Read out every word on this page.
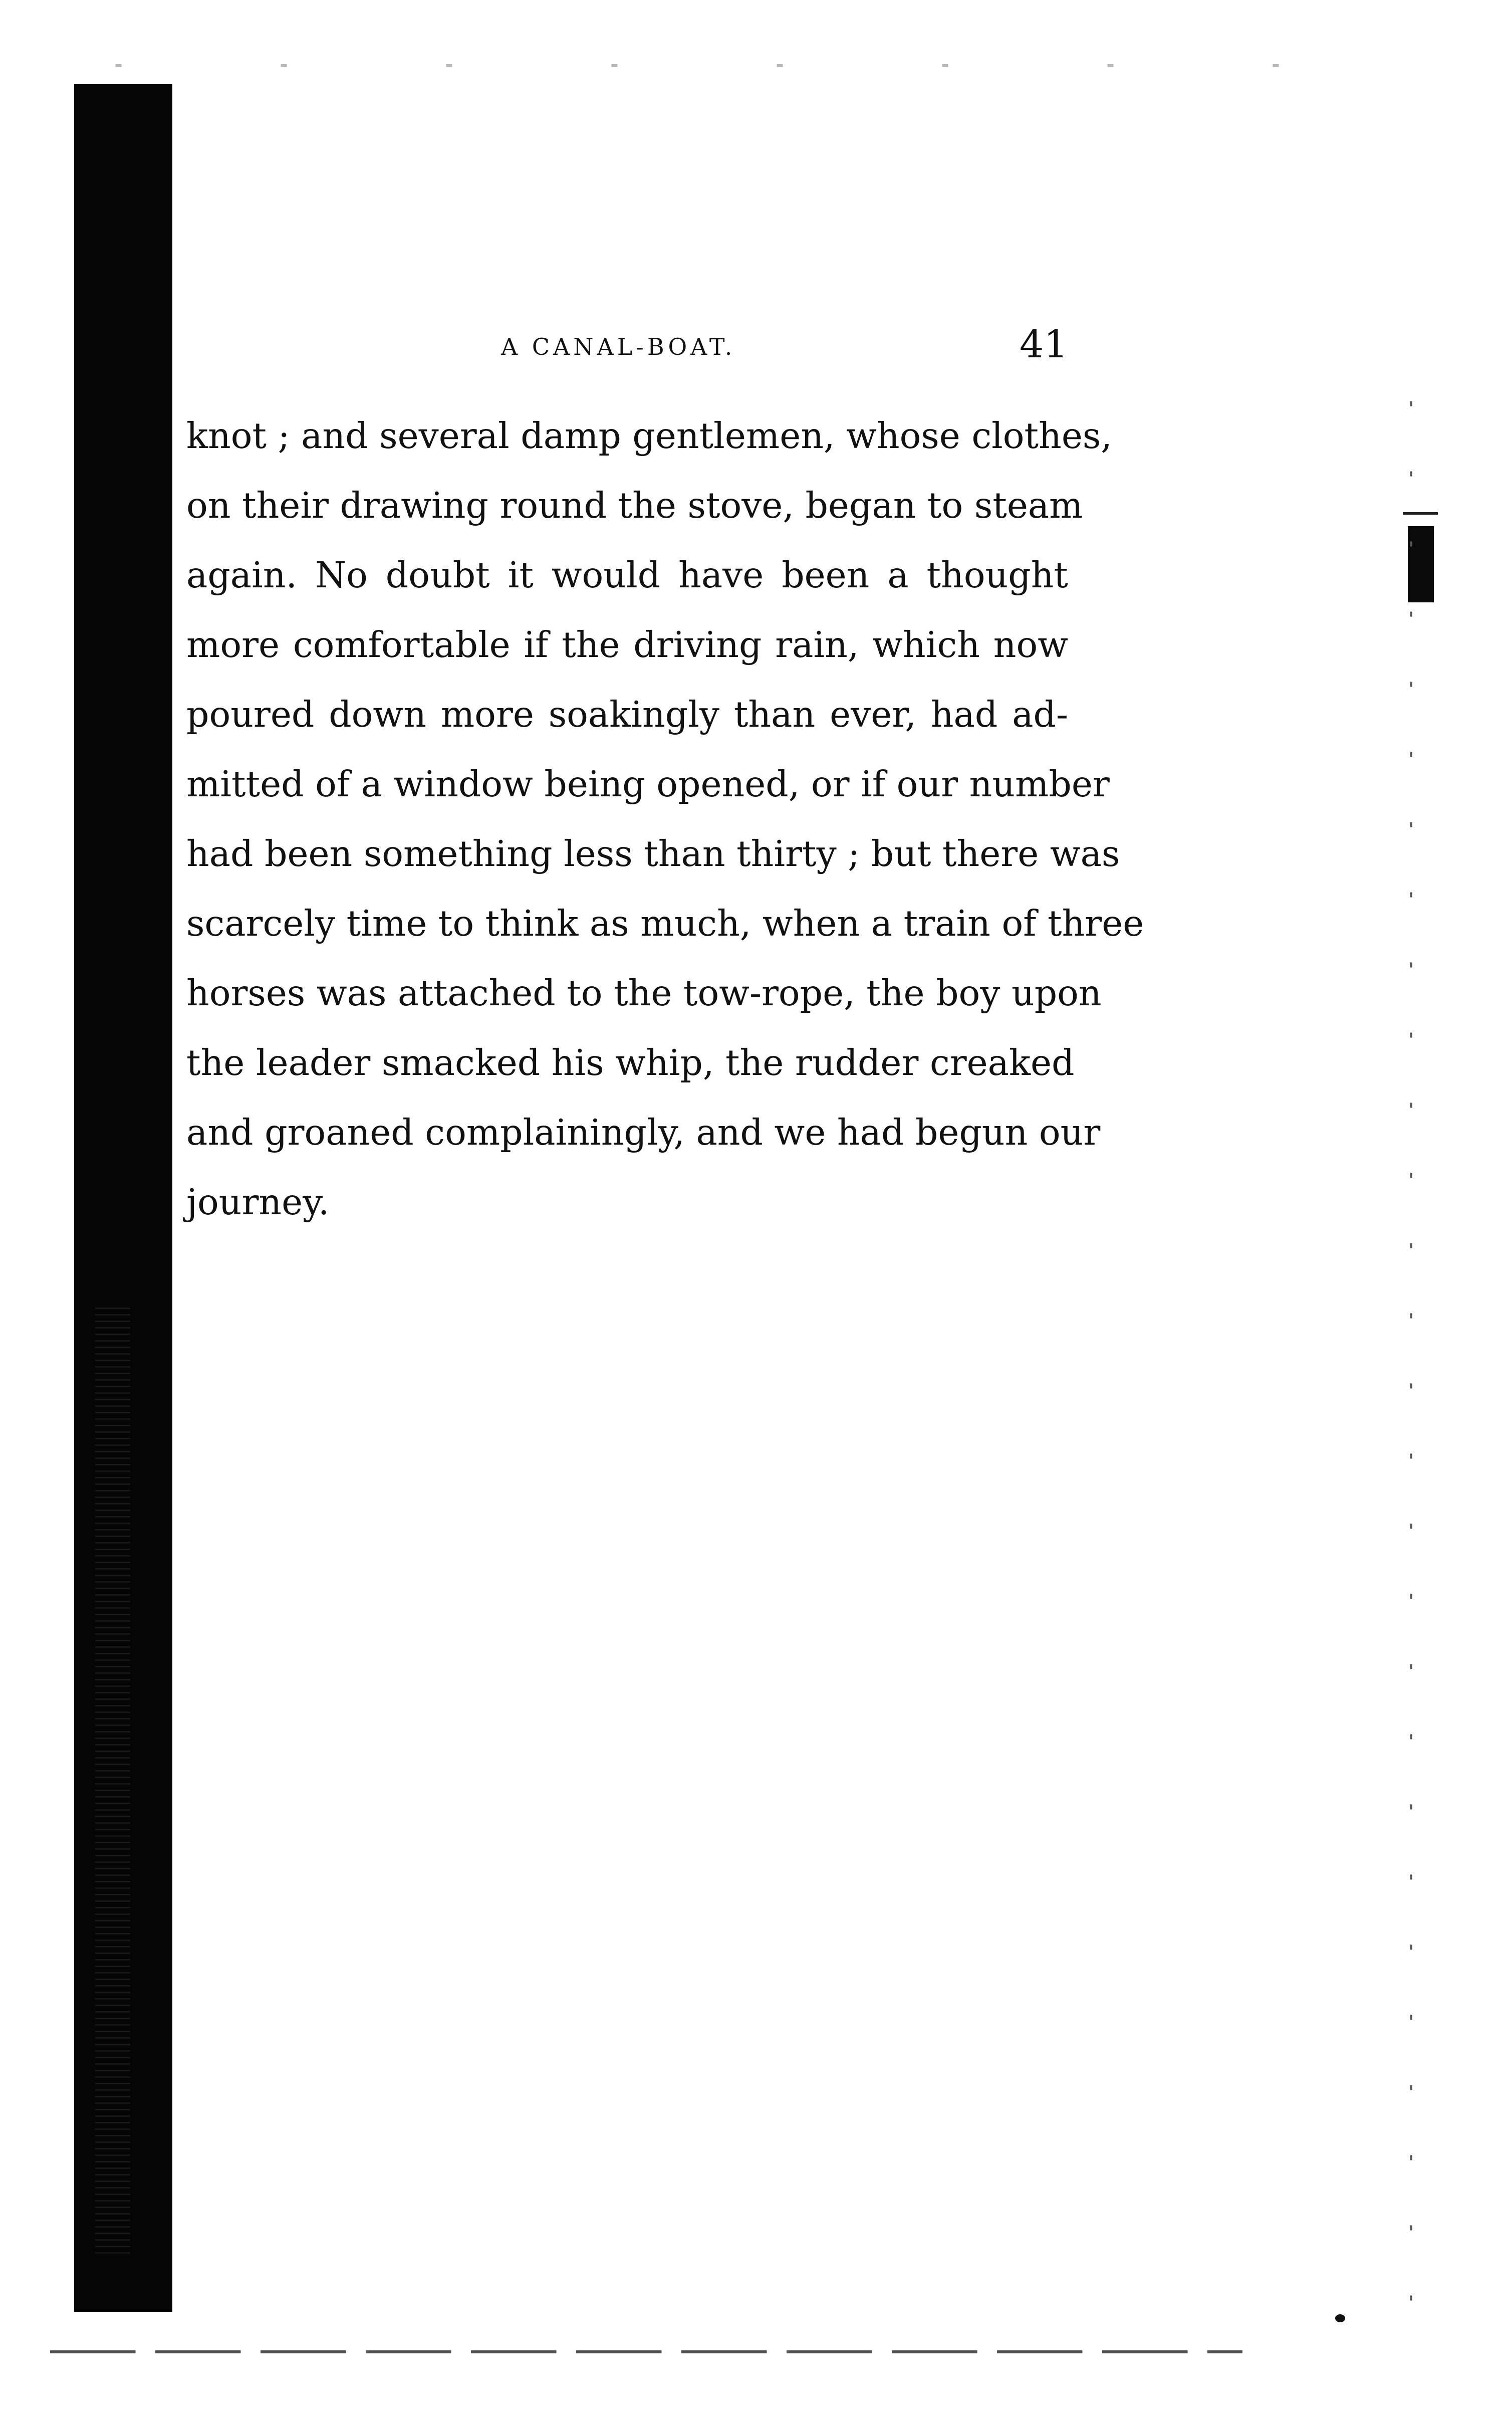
A CANAL-BOAT.	41
knot ; and several damp gentlemen, whose clothes,
on their drawing round the stove, began to steam
again. No doubt it would have been a thought
more comfortable if the driving rain, which now
poured down more soakingly than ever, had ad-
mitted of a window being opened, or if our number
had been something less than thirty ; but there was
scarcely time to think as much, when a train of three
horses was attached to the tow-rope, the boy upon
the leader smacked his whip, the rudder creaked
and groaned complainingly, and we had begun our
journey.
